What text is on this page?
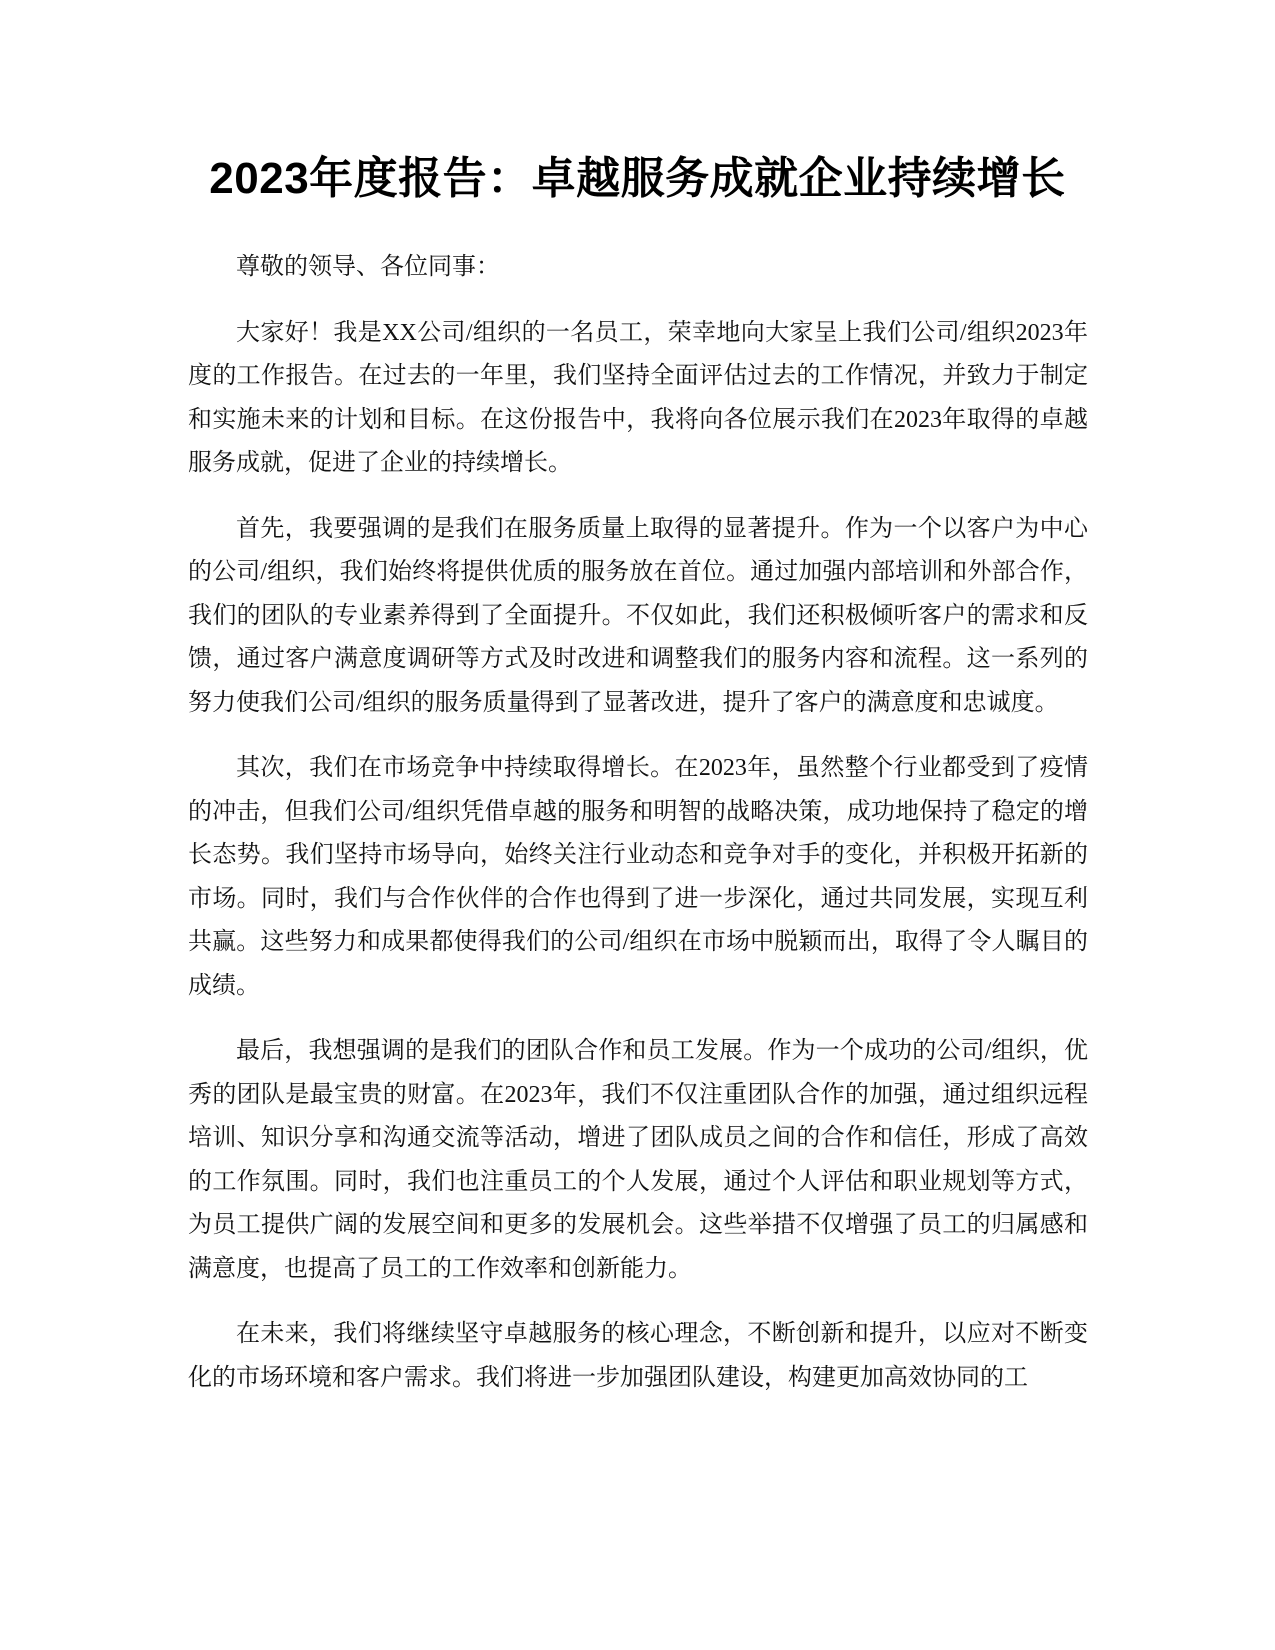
2023年度报告：卓越服务成就企业持续增长

尊敬的领导、各位同事：

大家好！我是XX公司/组织的一名员工，荣幸地向大家呈上我们公司/组织2023年度的工作报告。在过去的一年里，我们坚持全面评估过去的工作情况，并致力于制定和实施未来的计划和目标。在这份报告中，我将向各位展示我们在2023年取得的卓越服务成就，促进了企业的持续增长。

首先，我要强调的是我们在服务质量上取得的显著提升。作为一个以客户为中心的公司/组织，我们始终将提供优质的服务放在首位。通过加强内部培训和外部合作，我们的团队的专业素养得到了全面提升。不仅如此，我们还积极倾听客户的需求和反馈，通过客户满意度调研等方式及时改进和调整我们的服务内容和流程。这一系列的努力使我们公司/组织的服务质量得到了显著改进，提升了客户的满意度和忠诚度。

其次，我们在市场竞争中持续取得增长。在2023年，虽然整个行业都受到了疫情的冲击，但我们公司/组织凭借卓越的服务和明智的战略决策，成功地保持了稳定的增长态势。我们坚持市场导向，始终关注行业动态和竞争对手的变化，并积极开拓新的市场。同时，我们与合作伙伴的合作也得到了进一步深化，通过共同发展，实现互利共赢。这些努力和成果都使得我们的公司/组织在市场中脱颖而出，取得了令人瞩目的成绩。

最后，我想强调的是我们的团队合作和员工发展。作为一个成功的公司/组织，优秀的团队是最宝贵的财富。在2023年，我们不仅注重团队合作的加强，通过组织远程培训、知识分享和沟通交流等活动，增进了团队成员之间的合作和信任，形成了高效的工作氛围。同时，我们也注重员工的个人发展，通过个人评估和职业规划等方式，为员工提供广阔的发展空间和更多的发展机会。这些举措不仅增强了员工的归属感和满意度，也提高了员工的工作效率和创新能力。

在未来，我们将继续坚守卓越服务的核心理念，不断创新和提升，以应对不断变化的市场环境和客户需求。我们将进一步加强团队建设，构建更加高效协同的工
